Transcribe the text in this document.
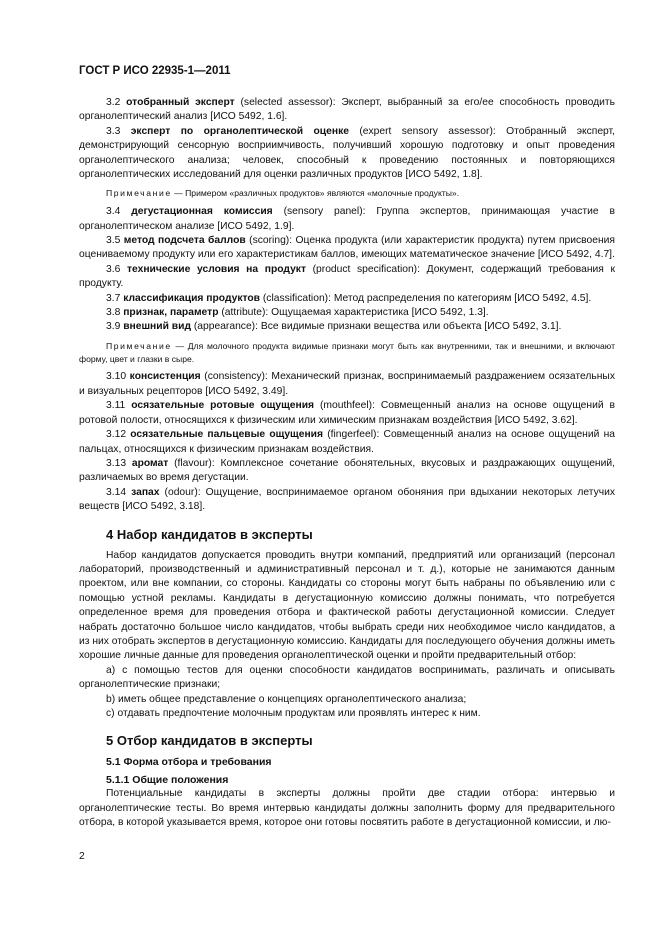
ГОСТ Р ИСО 22935-1—2011

3.2 отобранный эксперт (selected assessor): Эксперт, выбранный за его/ее способность проводить органолептический анализ [ИСО 5492, 1.6].

3.3 эксперт по органолептической оценке (expert sensory assessor): Отобранный эксперт, демонстрирующий сенсорную восприимчивость, получивший хорошую подготовку и опыт проведения органолептического анализа; человек, способный к проведению постоянных и повторяющихся органолептических исследований для оценки различных продуктов [ИСО 5492, 1.8].

Примечание — Примером «различных продуктов» являются «молочные продукты».

3.4 дегустационная комиссия (sensory panel): Группа экспертов, принимающая участие в органолептическом анализе [ИСО 5492, 1.9].

3.5 метод подсчета баллов (scoring): Оценка продукта (или характеристик продукта) путем присвоения оцениваемому продукту или его характеристикам баллов, имеющих математическое значение [ИСО 5492, 4.7].

3.6 технические условия на продукт (product specification): Документ, содержащий требования к продукту.

3.7 классификация продуктов (classification): Метод распределения по категориям [ИСО 5492, 4.5].

3.8 признак, параметр (attribute): Ощущаемая характеристика [ИСО 5492, 1.3].

3.9 внешний вид (appearance): Все видимые признаки вещества или объекта [ИСО 5492, 3.1].

Примечание — Для молочного продукта видимые признаки могут быть как внутренними, так и внешними, и включают форму, цвет и глазки в сыре.

3.10 консистенция (consistency): Механический признак, воспринимаемый раздражением осязательных и визуальных рецепторов [ИСО 5492, 3.49].

3.11 осязательные ротовые ощущения (mouthfeel): Совмещенный анализ на основе ощущений в ротовой полости, относящихся к физическим или химическим признакам воздействия [ИСО 5492, 3.62].

3.12 осязательные пальцевые ощущения (fingerfeel): Совмещенный анализ на основе ощущений на пальцах, относящихся к физическим признакам воздействия.

3.13 аромат (flavour): Комплексное сочетание обонятельных, вкусовых и раздражающих ощущений, различаемых во время дегустации.

3.14 запах (odour): Ощущение, воспринимаемое органом обоняния при вдыхании некоторых летучих веществ [ИСО 5492, 3.18].

4 Набор кандидатов в эксперты

Набор кандидатов допускается проводить внутри компаний, предприятий или организаций (персонал лабораторий, производственный и административный персонал и т. д.), которые не занимаются данным проектом, или вне компании, со стороны. Кандидаты со стороны могут быть набраны по объявлению или с помощью устной рекламы. Кандидаты в дегустационную комиссию должны понимать, что потребуется определенное время для проведения отбора и фактической работы дегустационной комиссии. Следует набрать достаточно большое число кандидатов, чтобы выбрать среди них необходимое число кандидатов, а из них отобрать экспертов в дегустационную комиссию. Кандидаты для последующего обучения должны иметь хорошие личные данные для проведения органолептической оценки и пройти предварительный отбор:

a) с помощью тестов для оценки способности кандидатов воспринимать, различать и описывать органолептические признаки;

b) иметь общее представление о концепциях органолептического анализа;

c) отдавать предпочтение молочным продуктам или проявлять интерес к ним.

5 Отбор кандидатов в эксперты
5.1 Форма отбора и требования
5.1.1 Общие положения

Потенциальные кандидаты в эксперты должны пройти две стадии отбора: интервью и органолептические тесты. Во время интервью кандидаты должны заполнить форму для предварительного отбора, в которой указывается время, которое они готовы посвятить работе в дегустационной комиссии, и лю-

2
